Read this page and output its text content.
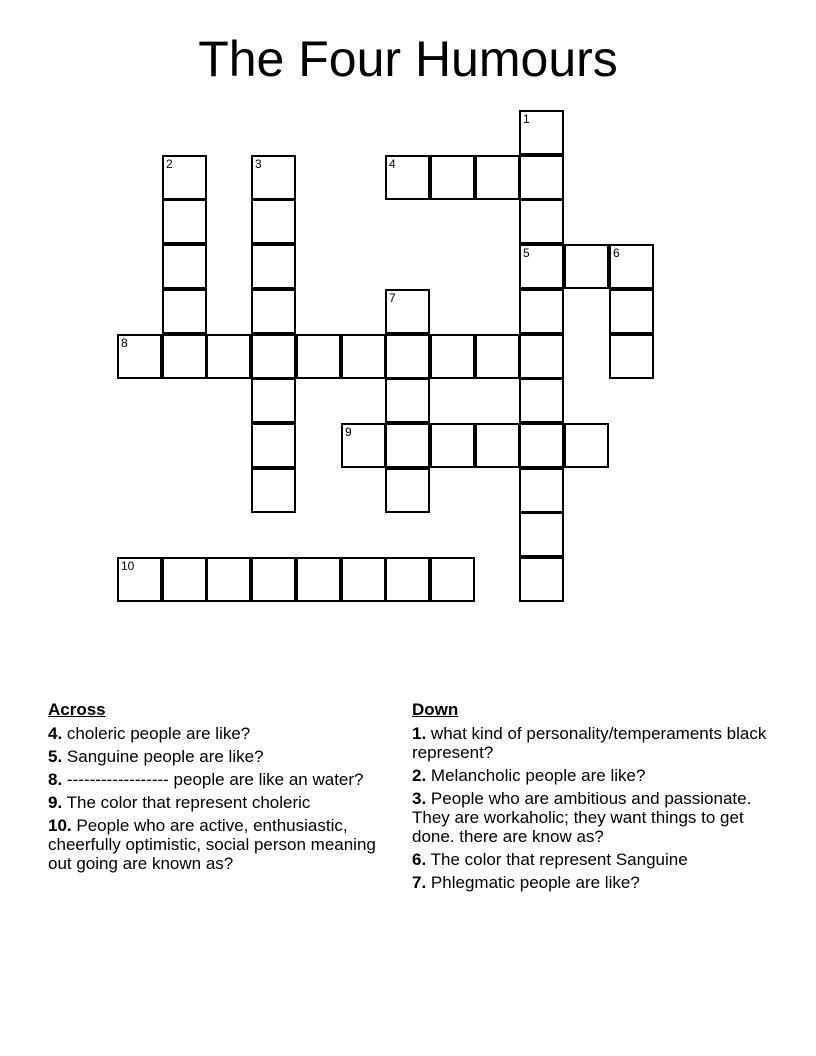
The Four Humours
1
2	3	4
5	6
7
8
9
10
Across
4. choleric people are like?
5. Sanguine people are like?
8. ------------------ people are like an water?
9. The color that represent choleric
10. People who are active, enthusiastic, cheerfully optimistic, social person meaning out going are known as?
Down
1. what kind of personality/temperaments black represent?
2. Melancholic people are like?
3. People who are ambitious and passionate. They are workaholic; they want things to get done. there are know as?
6. The color that represent Sanguine
7. Phlegmatic people are like?
